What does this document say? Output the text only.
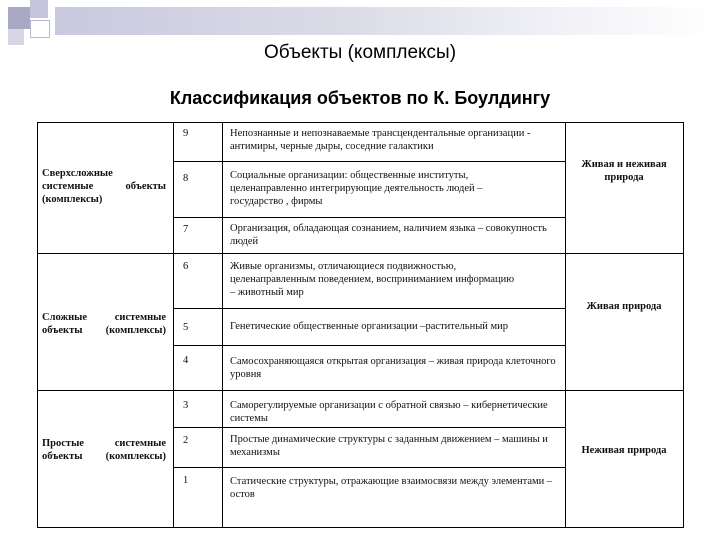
Объекты (комплексы)
Классификация объектов по К. Боулдингу
Сверхсложные системные объекты (комплексы)
Сложные системные объекты (комплексы)
Простые системные объекты (комплексы)
9
8
7
6
5
4
3
2
1
Непознанные и непознаваемые трансцендентальные организации - антимиры, черные дыры, соседние галактики
Социальные организации: общественные институты, целенаправленно интегрирующие деятельность людей – государство , фирмы
Организация, обладающая сознанием, наличием языка – совокупность людей
Живые организмы, отличающиеся подвижностью, целенаправленным поведением, восприниманием информацию – животный мир
Генетические общественные организации –растительный мир
Самосохраняющаяся открытая организация – живая природа клеточного уровня
Саморегулируемые организации с обратной связью – кибернетические системы
Простые динамические структуры с заданным движением – машины и механизмы
Статические структуры, отражающие взаимосвязи между элементами – остов
Живая и неживая природа
Живая природа
Неживая природа
